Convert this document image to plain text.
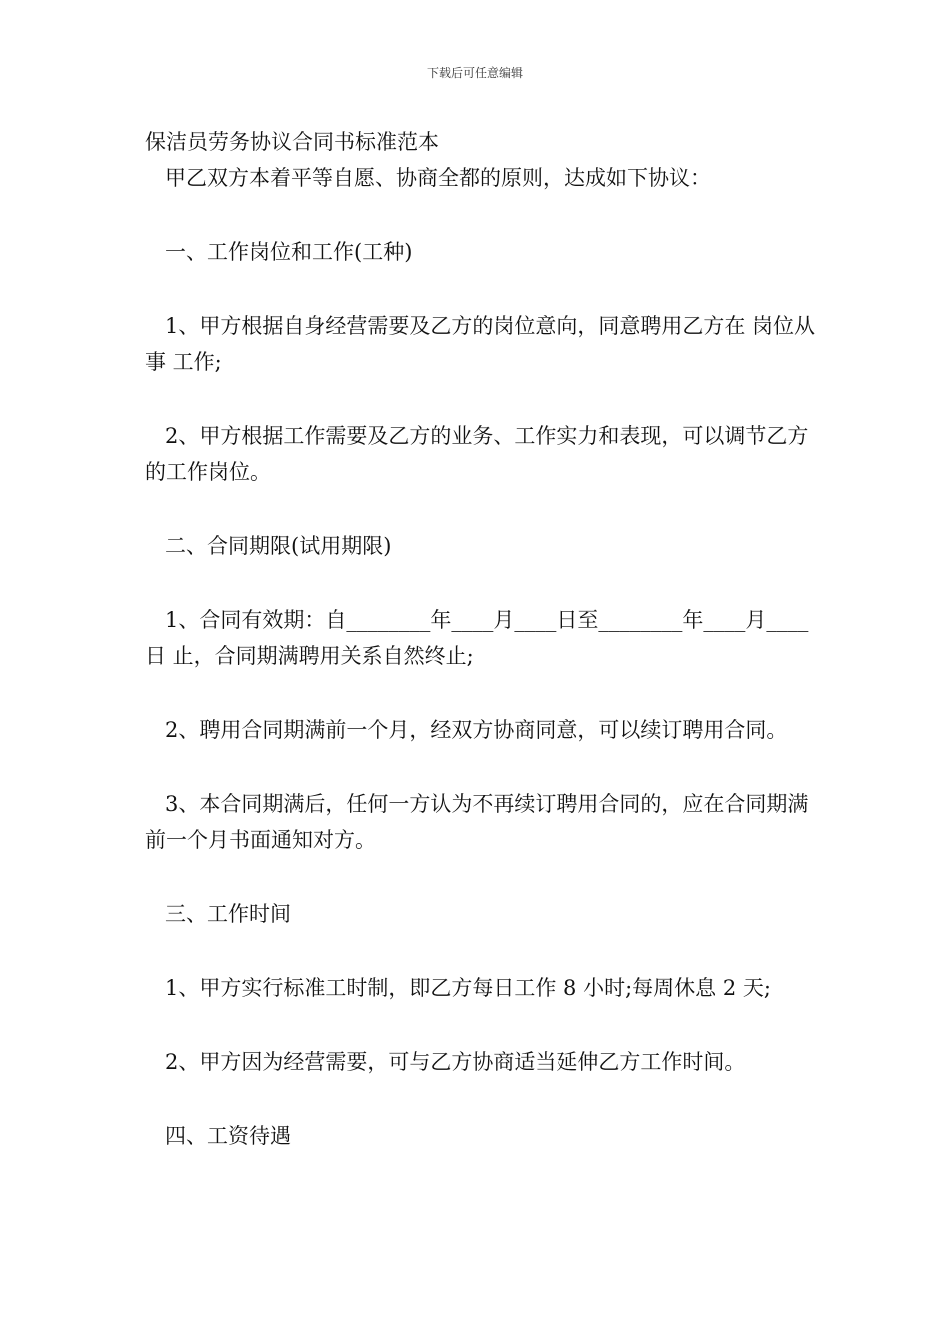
下载后可任意编辑

保洁员劳务协议合同书标准范本

甲乙双方本着平等自愿、协商全都的原则，达成如下协议：

一、工作岗位和工作(工种)

1、甲方根据自身经营需要及乙方的岗位意向，同意聘用乙方在 岗位从事 工作;

2、甲方根据工作需要及乙方的业务、工作实力和表现，可以调节乙方的工作岗位。

二、合同期限(试用期限)

1、合同有效期：自________年____月____日至________年____月____日 止，合同期满聘用关系自然终止;

2、聘用合同期满前一个月，经双方协商同意，可以续订聘用合同。

3、本合同期满后，任何一方认为不再续订聘用合同的，应在合同期满前一个月书面通知对方。

三、工作时间

1、甲方实行标准工时制，即乙方每日工作 8 小时;每周休息 2 天;

2、甲方因为经营需要，可与乙方协商适当延伸乙方工作时间。

四、工资待遇
